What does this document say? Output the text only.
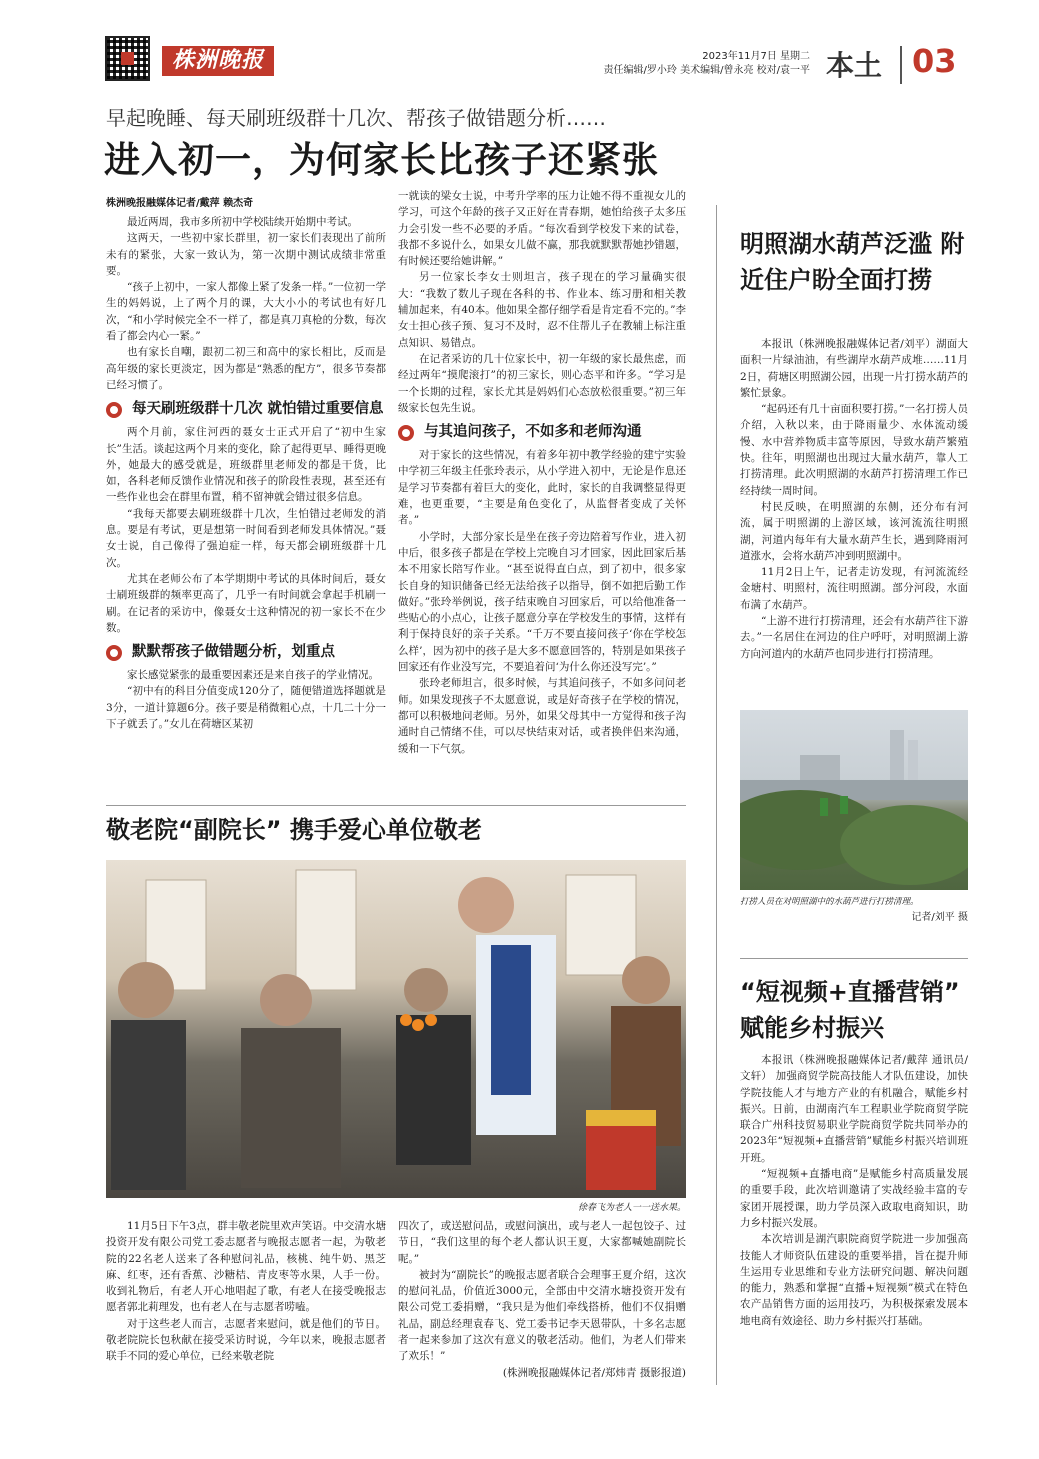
株洲晚报	2023年11月7日 星期二
责任编辑/罗小玲 美术编辑/曾永亮 校对/袁一平 本土 03
早起晚睡、每天刷班级群十几次、帮孩子做错题分析……
进入初一，为何家长比孩子还紧张
株洲晚报融媒体记者/戴萍 赖杰奇

最近两周，我市多所初中学校陆续开始期中考试。

这两天，一些初中家长群里，初一家长们表现出了前所未有的紧张，大家一致认为，第一次期中测试成绩非常重要。

“孩子上初中，一家人都像上紧了发条一样。”一位初一学生的妈妈说，上了两个月的课，大大小小的考试也有好几次，“和小学时候完全不一样了，都是真刀真枪的分数，每次看了都会内心一紧。”

也有家长自嘲，跟初二初三和高中的家长相比，反而是高年级的家长更淡定，因为都是“熟悉的配方”，很多节奏都已经习惯了。

每天刷班级群十几次 就怕错过重要信息

两个月前，家住河西的聂女士正式开启了“初中生家长”生活。谈起这两个月来的变化，除了起得更早、睡得更晚外，她最大的感受就是，班级群里老师发的都是干货，比如，各科老师反馈作业情况和孩子的阶段性表现，甚至还有一些作业也会在群里布置，稍不留神就会错过很多信息。

“我每天都要去刷班级群十几次，生怕错过老师发的消息。要是有考试，更是想第一时间看到老师发具体情况。”聂女士说，自己像得了强迫症一样，每天都会刷班级群十几次。

尤其在老师公布了本学期期中考试的具体时间后，聂女士刷班级群的频率更高了，几乎一有时间就会拿起手机刷一刷。在记者的采访中，像聂女士这种情况的初一家长不在少数。

默默帮孩子做错题分析，划重点

家长感觉紧张的最重要因素还是来自孩子的学业情况。

“初中有的科目分值变成120分了，随便错道选择题就是3分，一道计算题6分。孩子要是稍微粗心点，十几二十分一下子就丢了。”女儿在荷塘区某初

一就读的梁女士说，中考升学率的压力让她不得不重视女儿的学习，可这个年龄的孩子又正好在青春期，她怕给孩子太多压力会引发一些不必要的矛盾。“每次看到学校发下来的试卷，我都不多说什么，如果女儿做不赢，那我就默默帮她抄错题，有时候还要给她讲解。”

另一位家长李女士则坦言，孩子现在的学习量确实很大：“我数了数儿子现在各科的书、作业本、练习册和相关教辅加起来，有40本。他如果全都仔细学看是肯定看不完的。”李女士担心孩子预、复习不及时，忍不住帮儿子在教辅上标注重点知识、易错点。

在记者采访的几十位家长中，初一年级的家长最焦虑，而经过两年“摸爬滚打”的初三家长，则心态平和许多。“学习是一个长期的过程，家长尤其是妈妈们心态放松很重要。”初三年级家长包先生说。

与其追问孩子，不如多和老师沟通

对于家长的这些情况，有着多年初中教学经验的建宁实验中学初三年级主任张玲表示，从小学进入初中，无论是作息还是学习节奏都有着巨大的变化，此时，家长的自我调整显得更难，也更重要，“主要是角色变化了，从监督者变成了关怀者。”

小学时，大部分家长是坐在孩子旁边陪着写作业，进入初中后，很多孩子都是在学校上完晚自习才回家，因此回家后基本不用家长陪写作业。“甚至说得直白点，到了初中，很多家长自身的知识储备已经无法给孩子以指导，倒不如把后勤工作做好。”张玲举例说，孩子结束晚自习回家后，可以给他准备一些贴心的小点心，让孩子愿意分享在学校发生的事情，这样有利于保持良好的亲子关系。“千万不要直接问孩子‘你在学校怎么样’，因为初中的孩子是大多不愿意回答的，特别是如果孩子回家还有作业没写完，不要追着问‘为什么你还没写完’。”

张玲老师坦言，很多时候，与其追问孩子，不如多问问老师。如果发现孩子不太愿意说，或是好奇孩子在学校的情况，都可以积极地问老师。另外，如果父母其中一方觉得和孩子沟通时自己情绪不佳，可以尽快结束对话，或者换伴侣来沟通，缓和一下气氛。

敬老院“副院长” 携手爱心单位敬老
徐春飞为老人一一送水果。

11月5日下午3点，群丰敬老院里欢声笑语。中交清水塘投资开发有限公司党工委志愿者与晚报志愿者一起，为敬老院的22名老人送来了各种慰问礼品，核桃、纯牛奶、黑芝麻、红枣，还有香蕉、沙糖桔、青皮枣等水果，人手一份。收到礼物后，有老人开心地唱起了歌，有老人在接受晚报志愿者郭北莉理发，也有老人在与志愿者唠嗑。

对于这些老人而言，志愿者来慰问，就是他们的节日。敬老院院长包秋献在接受采访时说，今年以来，晚报志愿者联手不同的爱心单位，已经来敬老院

四次了，或送慰问品，或慰问演出，或与老人一起包饺子、过节日，“我们这里的每个老人都认识王夏，大家都喊她副院长呢。”

被封为“副院长”的晚报志愿者联合会理事王夏介绍，这次的慰问礼品，价值近3000元，全部由中交清水塘投资开发有限公司党工委捐赠，“我只是为他们牵线搭桥，他们不仅捐赠礼品，副总经理袁春飞、党工委书记李天恩带队，十多名志愿者一起来参加了这次有意义的敬老活动。他们，为老人们带来了欢乐！”

(株洲晚报融媒体记者/郑炜青 摄影报道)

明照湖水葫芦泛滥 附近住户盼全面打捞

本报讯（株洲晚报融媒体记者/刘平）湖面大面积一片绿油油，有些湖岸水葫芦成堆……11月2日，荷塘区明照湖公园，出现一片打捞水葫芦的繁忙景象。

“起码还有几十亩面积要打捞。”一名打捞人员介绍，入秋以来，由于降雨量少、水体流动缓慢、水中营养物质丰富等原因，导致水葫芦繁殖快。往年，明照湖也出现过大量水葫芦，靠人工打捞清理。此次明照湖的水葫芦打捞清理工作已经持续一周时间。

村民反映，在明照湖的东侧，还分布有河流，属于明照湖的上游区域，该河流流往明照湖，河道内每年有大量水葫芦生长，遇到降雨河道涨水，会将水葫芦冲到明照湖中。

11月2日上午，记者走访发现，有河流流经金塘村、明照村，流往明照湖。部分河段，水面布满了水葫芦。

“上游不进行打捞清理，还会有水葫芦往下游去。”一名居住在河边的住户呼吁，对明照湖上游方向河道内的水葫芦也同步进行打捞清理。

打捞人员在对明照湖中的水葫芦进行打捞清理。
记者/刘平 摄
“短视频+直播营销” 赋能乡村振兴

本报讯（株洲晚报融媒体记者/戴萍 通讯员/文轩） 加强商贸学院高技能人才队伍建设，加快学院技能人才与地方产业的有机融合，赋能乡村振兴。日前，由湖南汽车工程职业学院商贸学院联合广州科技贸易职业学院商贸学院共同举办的2023年“短视频+直播营销”赋能乡村振兴培训班开班。

“短视频+直播电商”是赋能乡村高质量发展的重要手段，此次培训邀请了实战经验丰富的专家团开展授课，助力学员深入政取电商知识，助力乡村振兴发展。

本次培训是湖汽职院商贸学院进一步加强高技能人才师资队伍建设的重要举措，旨在提升师生运用专业思维和专业方法研究问题、解决问题的能力，熟悉和掌握“直播+短视频”模式在特色农产品销售方面的运用技巧，为积极探索发展本地电商有效途径、助力乡村振兴打基础。
